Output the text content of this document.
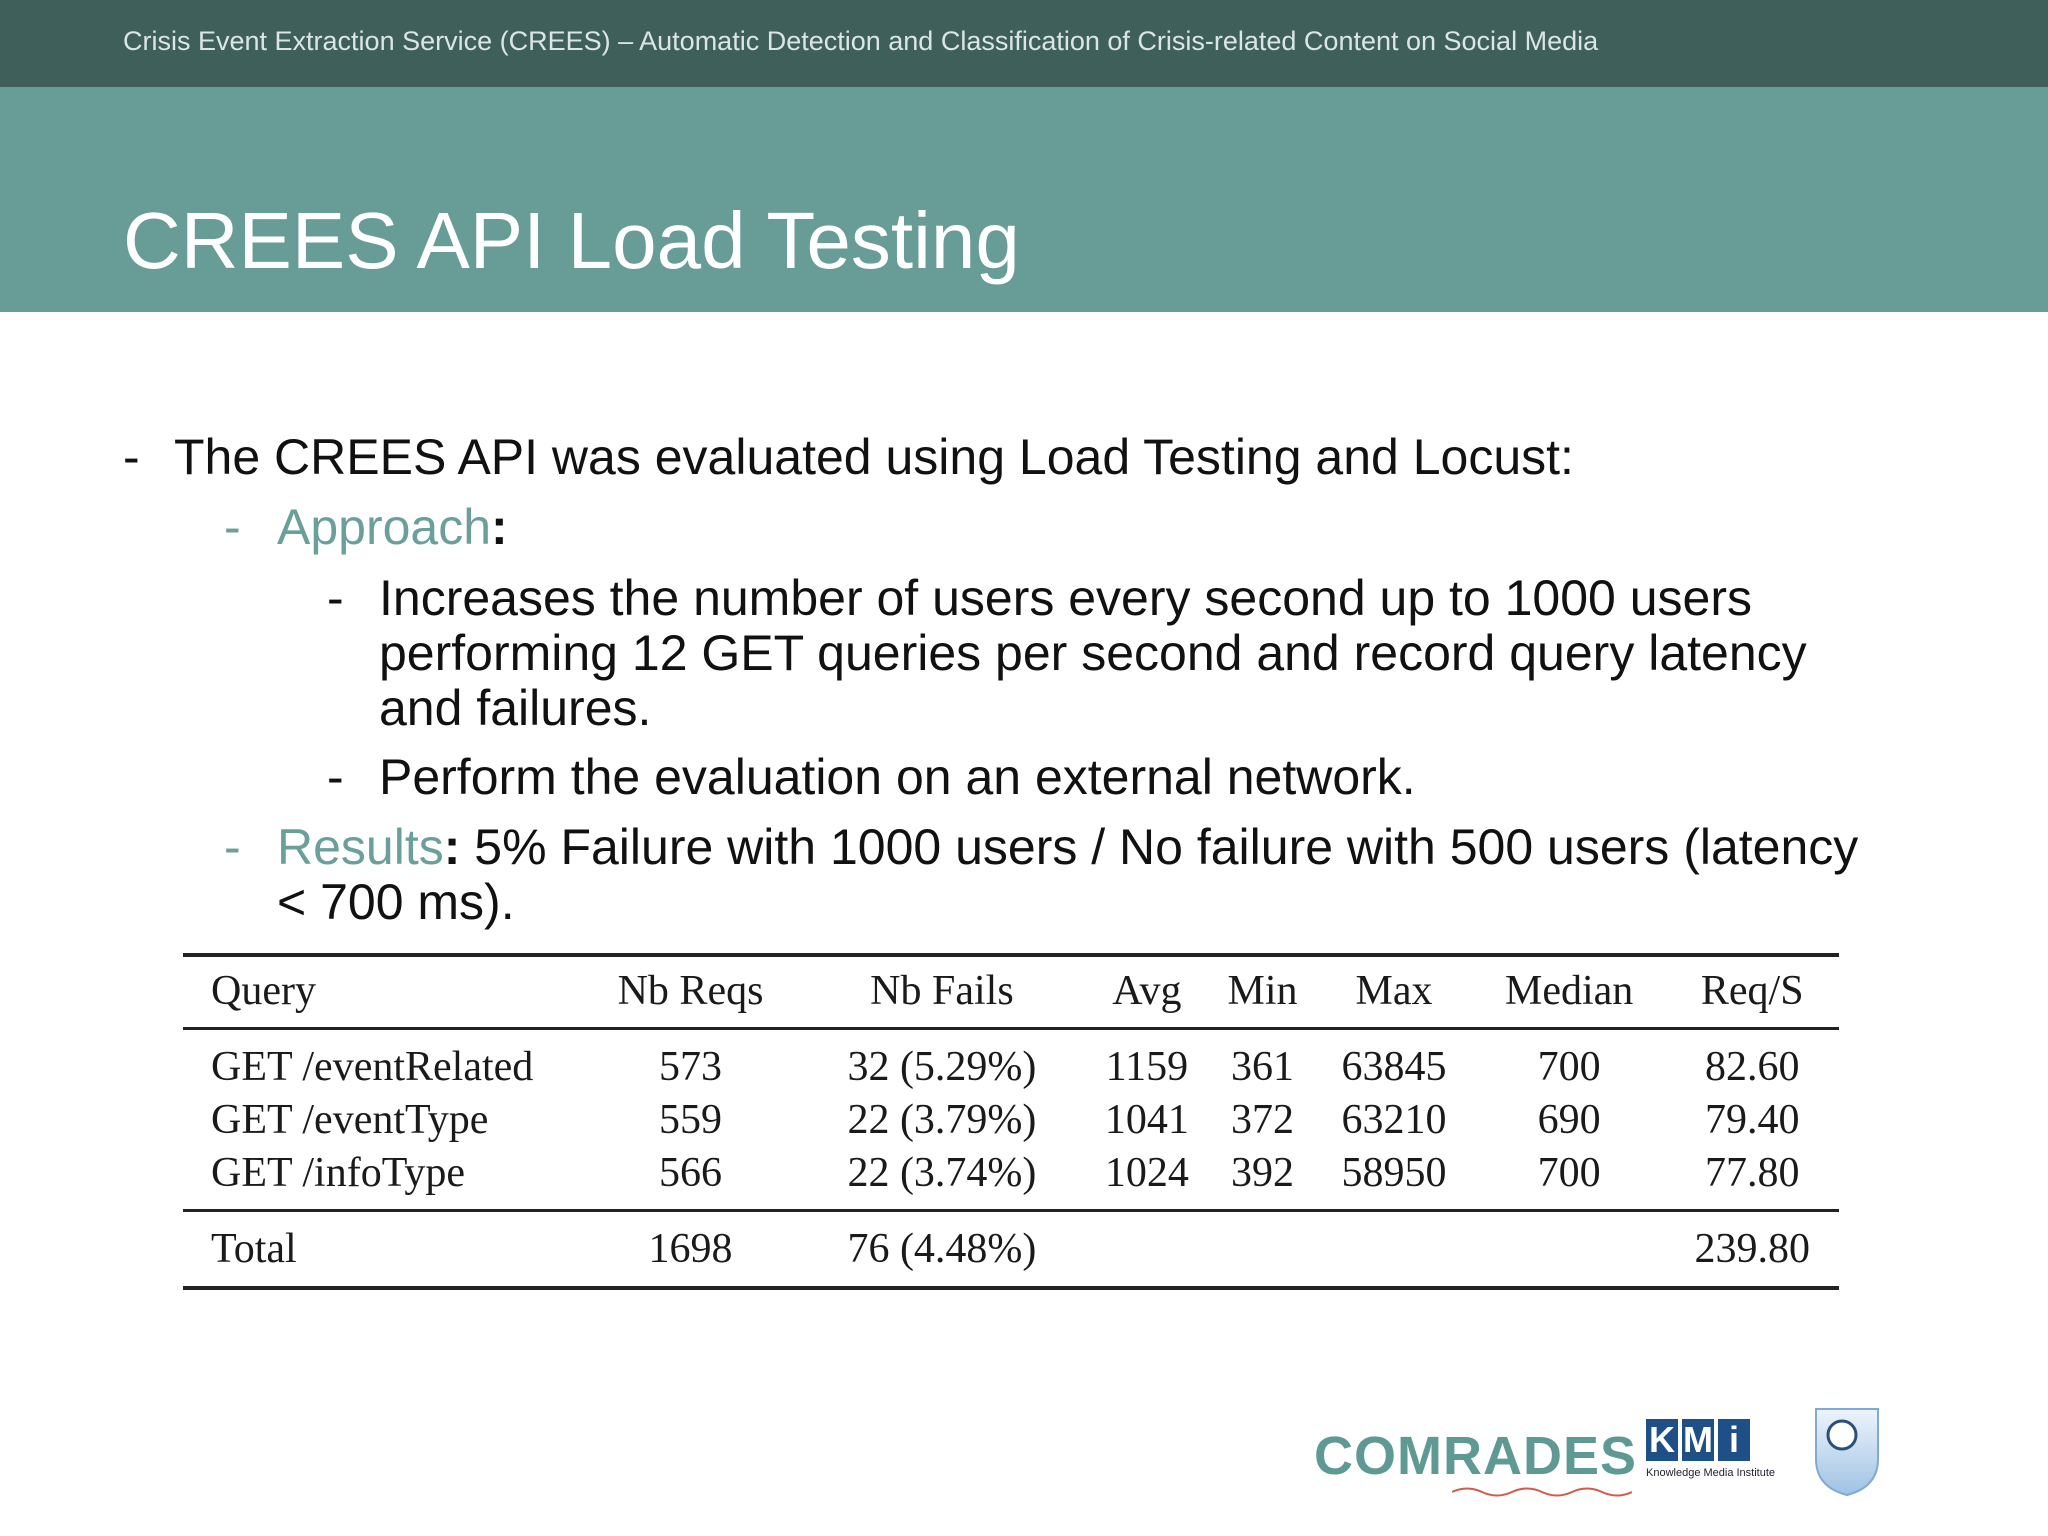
Crisis Event Extraction Service (CREES) – Automatic Detection and Classification of Crisis-related Content on Social Media
CREES API Load Testing
- The CREES API was evaluated using Load Testing and Locust:
- Approach:
- Increases the number of users every second up to 1000 users
performing 12 GET queries per second and record query latency
and failures.
- Perform the evaluation on an external network.
- Results: 5% Failure with 1000 users / No failure with 500 users (latency
< 700 ms).
Query	Nb Reqs	Nb Fails	Avg	Min	Max	Median	Req/S
GET /eventRelated	573	32 (5.29%)	1159	361	63845	700	82.60
GET /eventType	559	22 (3.79%)	1041	372	63210	690	79.40
GET /infoType	566	22 (3.74%)	1024	392	58950	700	77.80
Total	1698	76 (4.48%)					239.80
COMRADES K M i
Knowledge Media Institute
